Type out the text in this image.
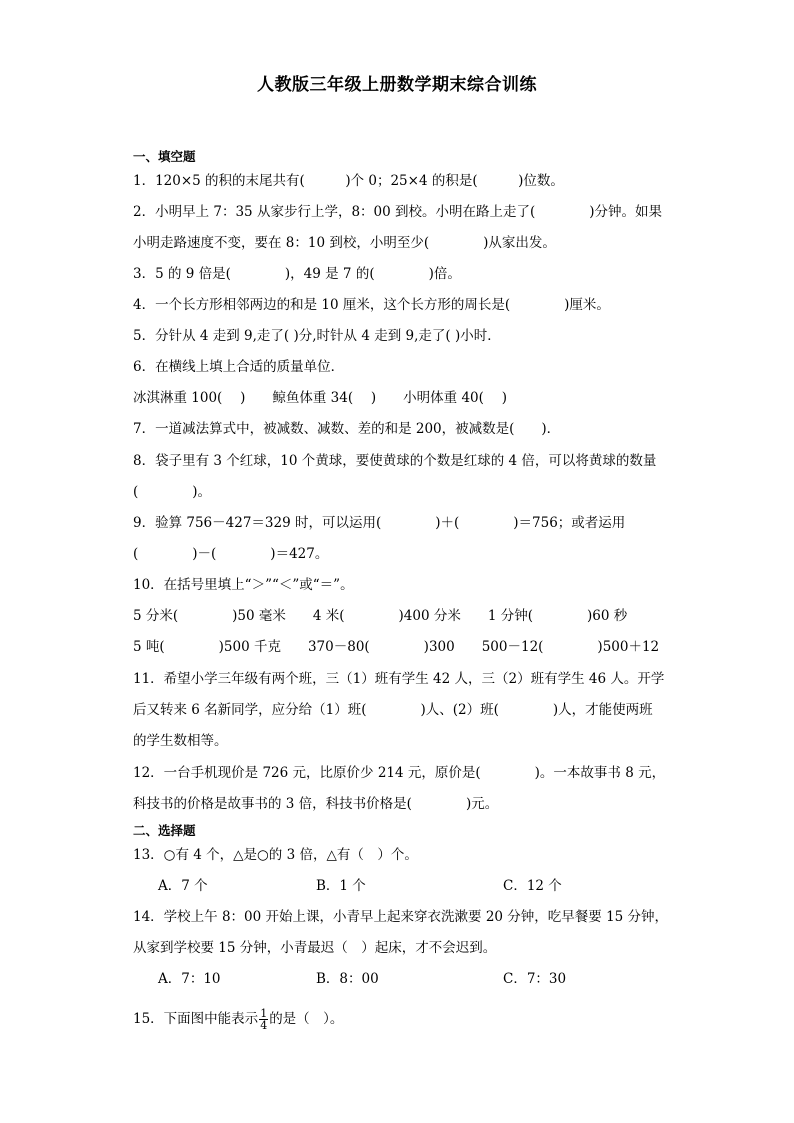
人教版三年级上册数学期末综合训练
一、填空题
1．120×5 的积的末尾共有(　　　)个 0；25×4 的积是(　　　)位数。
2．小明早上 7：35 从家步行上学，8：00 到校。小明在路上走了(　　　　)分钟。如果
小明走路速度不变，要在 8：10 到校，小明至少(　　　　)从家出发。
3．5 的 9 倍是(　　　　)，49 是 7 的(　　　　)倍。
4．一个长方形相邻两边的和是 10 厘米，这个长方形的周长是(　　　　)厘米。
5．分针从 4 走到 9,走了( )分,时针从 4 走到 9,走了( )小时．
6．在横线上填上合适的质量单位．
冰淇淋重 100(　 )　　鲸鱼体重 34(　 )　　小明体重 40(　 )
7．一道减法算式中，被减数、减数、差的和是 200，被减数是(　　)．
8．袋子里有 3 个红球，10 个黄球，要使黄球的个数是红球的 4 倍，可以将黄球的数量
(　　　　)。
9．验算 756－427＝329 时，可以运用(　　　　)＋(　　　　)＝756；或者运用
(　　　　)－(　　　　)＝427。
10．在括号里填上“＞”“＜”或“＝”。
5 分米(　　　　)50 毫米　　4 米(　　　　)400 分米　　1 分钟(　　　　)60 秒
5 吨(　　　　)500 千克　　370－80(　　　　)300　　500－12(　　　　)500＋12
11．希望小学三年级有两个班，三（1）班有学生 42 人，三（2）班有学生 46 人。开学
后又转来 6 名新同学，应分给（1）班(　　　　)人、(2）班(　　　　)人，才能使两班
的学生数相等。
12．一台手机现价是 726 元，比原价少 214 元，原价是(　　　　)。一本故事书 8 元，
科技书的价格是故事书的 3 倍，科技书价格是(　　　　)元。
二、选择题
13．○有 4 个，△是○的 3 倍，△有（　）个。
A．7 个	B．1 个	C．12 个
14．学校上午 8：00 开始上课，小青早上起来穿衣洗漱要 20 分钟，吃早餐要 15 分钟，
从家到学校要 15 分钟，小青最迟（　）起床，才不会迟到。
A．7：10	B．8：00	C．7：30
15．下面图中能表示 $\frac{1}{4}$ 的是（　）。
